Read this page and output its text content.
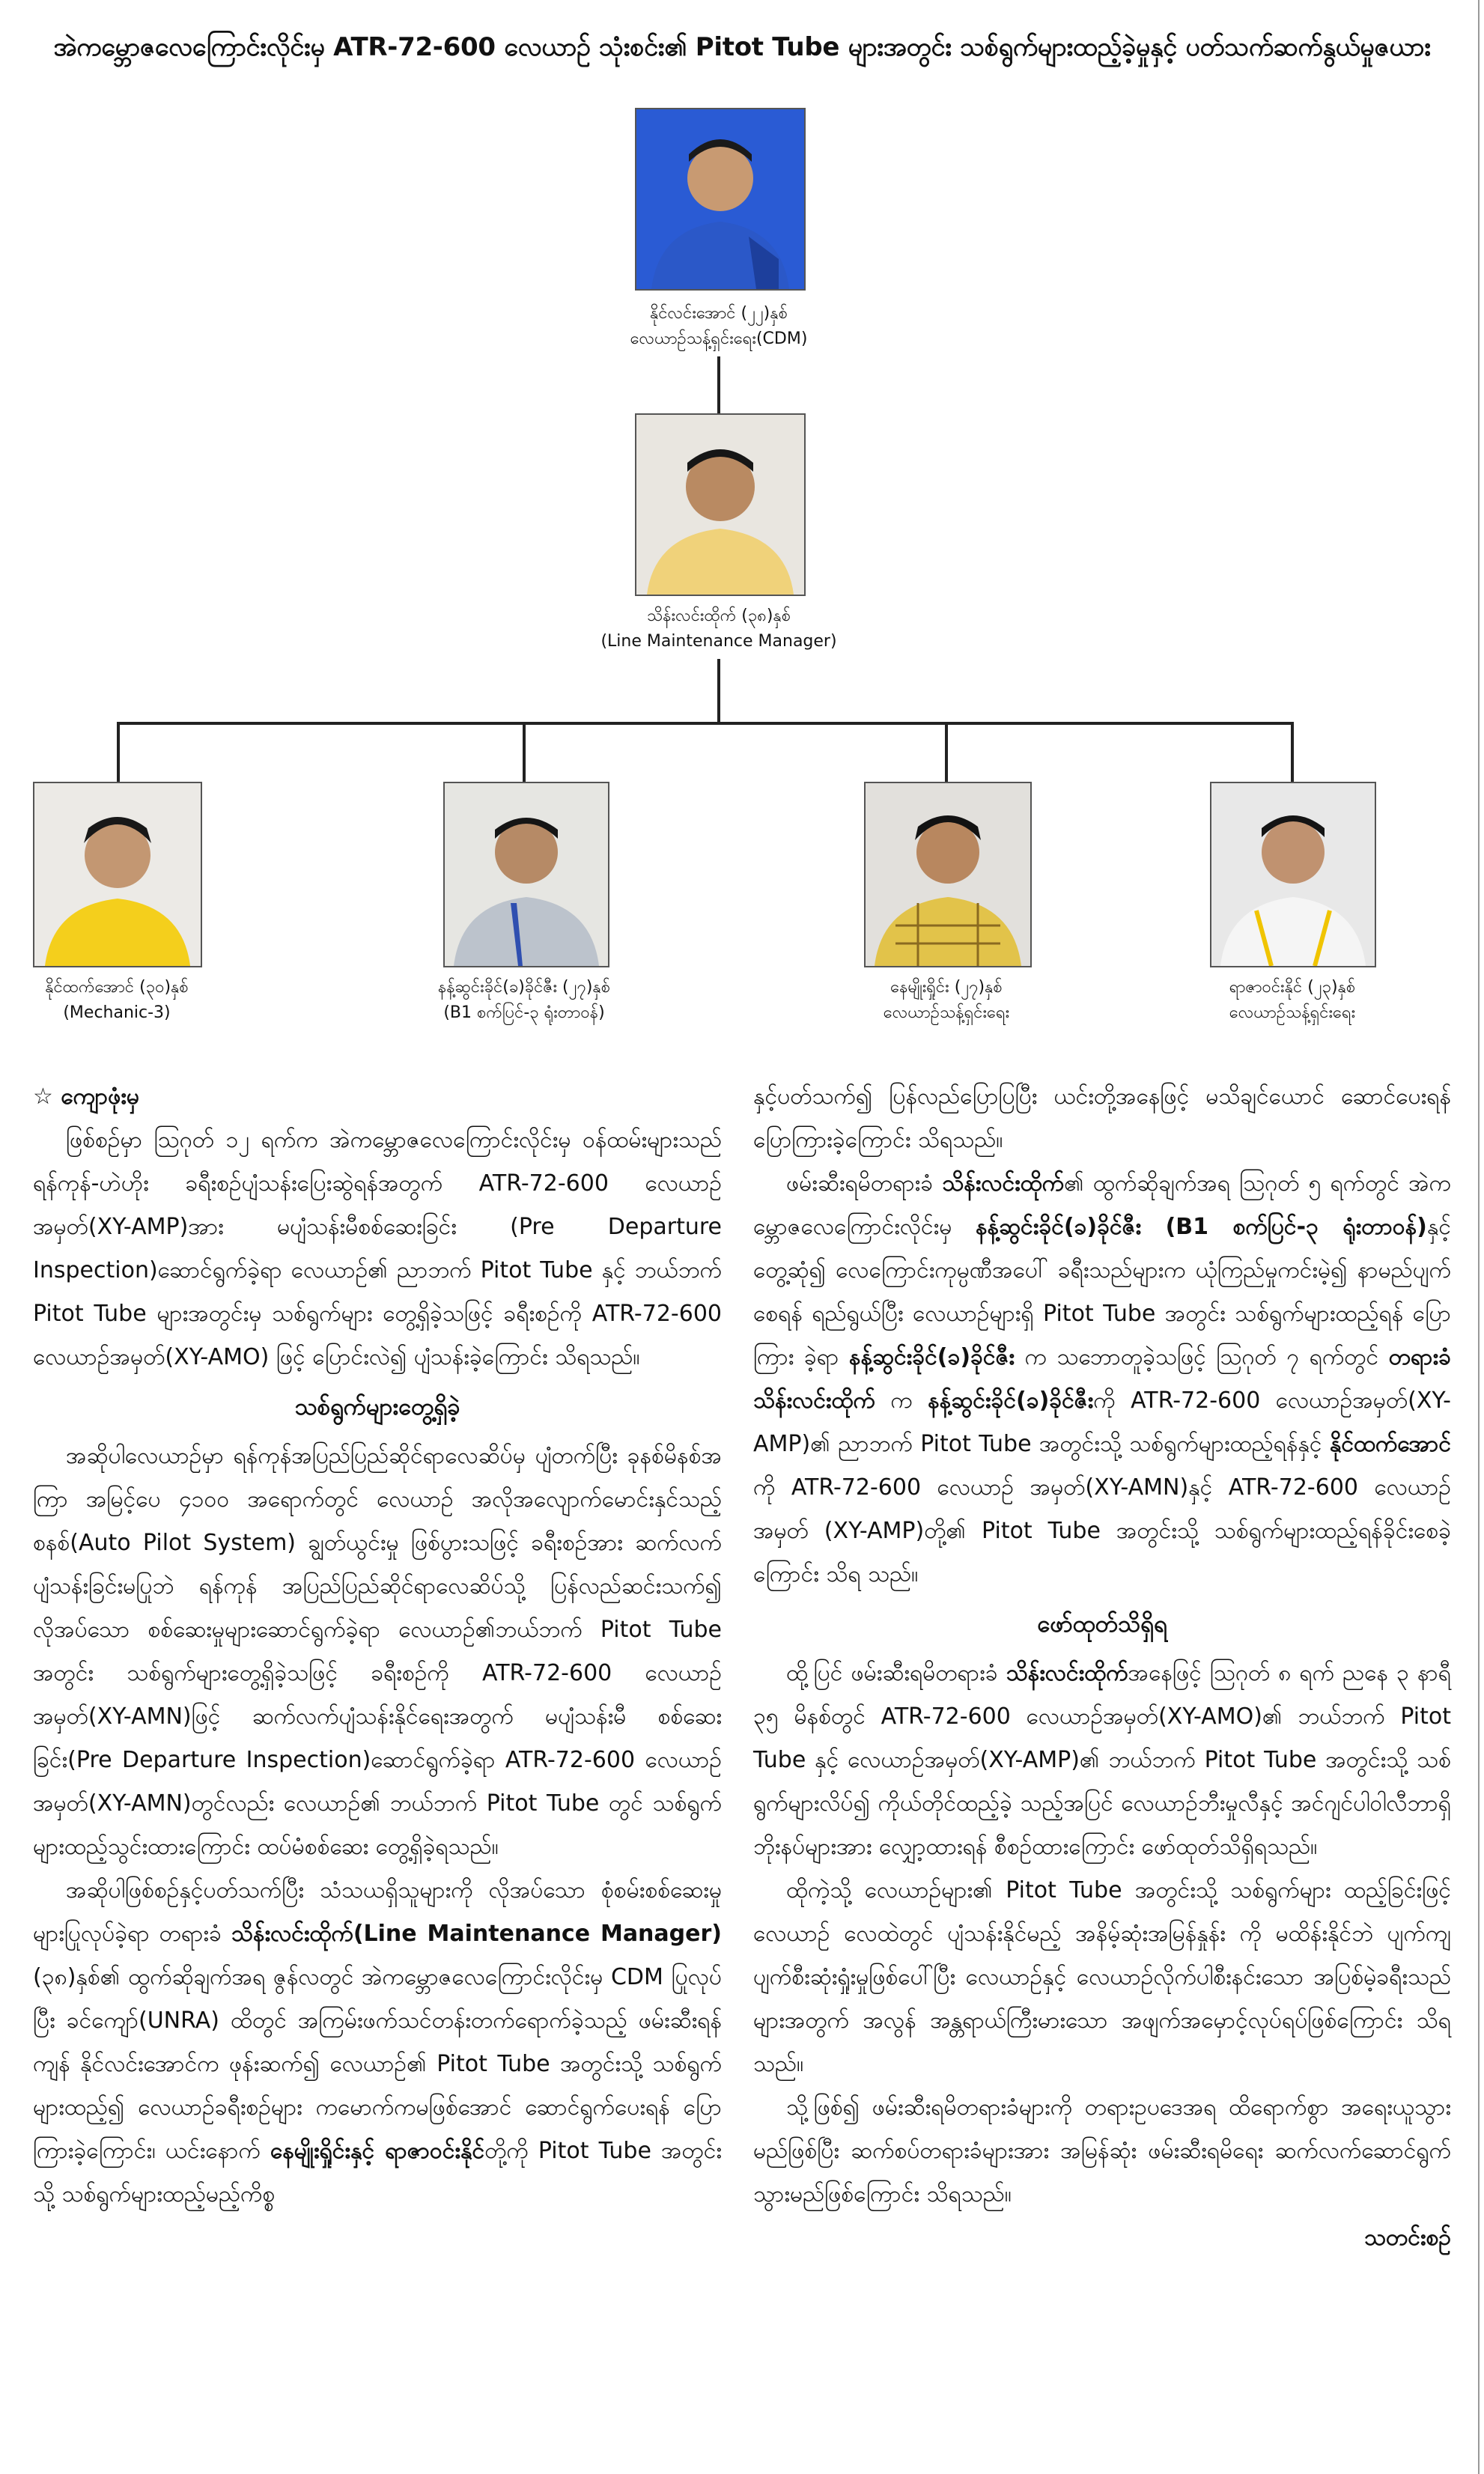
အဲကမ္ဘောဇလေကြောင်းလိုင်းမှ ATR-72-600 လေယာဉ် သုံးစင်း၏ Pitot Tube များအတွင်း သစ်ရွက်များထည့်ခဲ့မှုနှင့် ပတ်သက်ဆက်နွယ်မှုဇယား
နိုင်လင်းအောင် (၂၂)နှစ်
လေယာဉ်သန့်ရှင်းရေး(CDM)
သိန်းလင်းထိုက် (၃၈)နှစ်
(Line Maintenance Manager)
နိုင်ထက်အောင် (၃၀)နှစ်
(Mechanic-3)
နန့်ဆွင်းခိုင်(ခ)ခိုင်ဇီး (၂၇)နှစ်
(B1 စက်ပြင်-၃ ရုံးတာဝန်)
နေမျိုးရှိုင်း (၂၇)နှစ်
လေယာဉ်သန့်ရှင်းရေး
ရာဇာဝင်းနိုင် (၂၃)နှစ်
လေယာဉ်သန့်ရှင်းရေး

☆ ကျောဖုံးမှ

ဖြစ်စဉ်မှာ ဩဂုတ် ၁၂ ရက်က အဲကမ္ဘောဇလေကြောင်းလိုင်းမှ ဝန်ထမ်းများသည် ရန်ကုန်-ဟဲဟိုး ခရီးစဉ်ပျံသန်းပြေးဆွဲရန်အတွက် ATR-72-600 လေယာဉ်အမှတ်(XY-AMP)အား မပျံသန်းမီစစ်ဆေးခြင်း (Pre Departure Inspection)ဆောင်ရွက်ခဲ့ရာ လေယာဉ်၏ ညာဘက် Pitot Tube နှင့် ဘယ်ဘက် Pitot Tube များအတွင်းမှ သစ်ရွက်များ တွေ့ရှိခဲ့သဖြင့် ခရီးစဉ်ကို ATR-72-600 လေယာဉ်အမှတ်(XY-AMO) ဖြင့် ပြောင်းလဲ၍ ပျံသန်းခဲ့ကြောင်း သိရသည်။

သစ်ရွက်များတွေ့ရှိခဲ့

အဆိုပါလေယာဉ်မှာ ရန်ကုန်အပြည်ပြည်ဆိုင်ရာလေဆိပ်မှ ပျံတက်ပြီး ခုနစ်မိနစ်အကြာ အမြင့်ပေ ၄၁၀၀ အရောက်တွင် လေယာဉ် အလိုအလျောက်မောင်းနှင်သည့်စနစ်(Auto Pilot System) ချွတ်ယွင်းမှု ဖြစ်ပွားသဖြင့် ခရီးစဉ်အား ဆက်လက်ပျံသန်းခြင်းမပြုဘဲ ရန်ကုန် အပြည်ပြည်ဆိုင်ရာလေဆိပ်သို့ ပြန်လည်ဆင်းသက်၍ လိုအပ်သော စစ်ဆေးမှုများဆောင်ရွက်ခဲ့ရာ လေယာဉ်၏ဘယ်ဘက် Pitot Tube အတွင်း သစ်ရွက်များတွေ့ရှိခဲ့သဖြင့် ခရီးစဉ်ကို ATR-72-600 လေယာဉ် အမှတ်(XY-AMN)ဖြင့် ဆက်လက်ပျံသန်းနိုင်ရေးအတွက် မပျံသန်းမီ စစ်ဆေးခြင်း(Pre Departure Inspection)ဆောင်ရွက်ခဲ့ရာ ATR-72-600 လေယာဉ်အမှတ်(XY-AMN)တွင်လည်း လေယာဉ်၏ ဘယ်ဘက် Pitot Tube တွင် သစ်ရွက်များထည့်သွင်းထားကြောင်း ထပ်မံစစ်ဆေး တွေ့ရှိခဲ့ရသည်။

အဆိုပါဖြစ်စဉ်နှင့်ပတ်သက်ပြီး သံသယရှိသူများကို လိုအပ်သော စုံစမ်းစစ်ဆေးမှုများပြုလုပ်ခဲ့ရာ တရားခံ သိန်းလင်းထိုက်(Line Maintenance Manager) (၃၈)နှစ်၏ ထွက်ဆိုချက်အရ ဇွန်လတွင် အဲကမ္ဘောဇလေကြောင်းလိုင်းမှ CDM ပြုလုပ်ပြီး ခင်ကျော်(UNRA) ထိတွင် အကြမ်းဖက်သင်တန်းတက်ရောက်ခဲ့သည့် ဖမ်းဆီးရန်ကျန် နိုင်လင်းအောင်က ဖုန်းဆက်၍ လေယာဉ်၏ Pitot Tube အတွင်းသို့ သစ်ရွက်များထည့်၍ လေယာဉ်ခရီးစဉ်များ ကမောက်ကမဖြစ်အောင် ဆောင်ရွက်ပေးရန် ပြောကြားခဲ့ကြောင်း၊ ယင်းနောက် နေမျိုးရှိုင်းနှင့် ရာဇာဝင်းနိုင်တို့ကို Pitot Tube အတွင်းသို့ သစ်ရွက်များထည့်မည့်ကိစ္စ

နှင့်ပတ်သက်၍ ပြန်လည်ပြောပြပြီး ယင်းတို့အနေဖြင့် မသိချင်ယောင် ဆောင်ပေးရန် ပြောကြားခဲ့ကြောင်း သိရသည်။

ဖမ်းဆီးရမိတရားခံ သိန်းလင်းထိုက်၏ ထွက်ဆိုချက်အရ ဩဂုတ် ၅ ရက်တွင် အဲကမ္ဘောဇလေကြောင်းလိုင်းမှ နန့်ဆွင်းခိုင်(ခ)ခိုင်ဇီး (B1 စက်ပြင်-၃ ရုံးတာဝန်)နှင့် တွေ့ဆုံ၍ လေကြောင်းကုမ္ပဏီအပေါ် ခရီးသည်များက ယုံကြည်မှုကင်းမဲ့၍ နာမည်ပျက်စေရန် ရည်ရွယ်ပြီး လေယာဉ်များရှိ Pitot Tube အတွင်း သစ်ရွက်များထည့်ရန် ပြောကြား ခဲ့ရာ နန့်ဆွင်းခိုင်(ခ)ခိုင်ဇီး က သဘောတူခဲ့သဖြင့် ဩဂုတ် ၇ ရက်တွင် တရားခံ သိန်းလင်းထိုက် က နန့်ဆွင်းခိုင်(ခ)ခိုင်ဇီးကို ATR-72-600 လေယာဉ်အမှတ်(XY-AMP)၏ ညာဘက် Pitot Tube အတွင်းသို့ သစ်ရွက်များထည့်ရန်နှင့် နိုင်ထက်အောင် ကို ATR-72-600 လေယာဉ် အမှတ်(XY-AMN)နှင့် ATR-72-600 လေယာဉ်အမှတ် (XY-AMP)တို့၏ Pitot Tube အတွင်းသို့ သစ်ရွက်များထည့်ရန်ခိုင်းစေခဲ့ကြောင်း သိရ သည်။

ဖော်ထုတ်သိရှိရ

ထို့ပြင် ဖမ်းဆီးရမိတရားခံ သိန်းလင်းထိုက်အနေဖြင့် ဩဂုတ် ၈ ရက် ညနေ ၃ နာရီ ၃၅ မိနစ်တွင် ATR-72-600 လေယာဉ်အမှတ်(XY-AMO)၏ ဘယ်ဘက် Pitot Tube နှင့် လေယာဉ်အမှတ်(XY-AMP)၏ ဘယ်ဘက် Pitot Tube အတွင်းသို့ သစ်ရွက်များလိပ်၍ ကိုယ်တိုင်ထည့်ခဲ့ သည့်အပြင် လေယာဉ်ဘီးမှုလီနှင့် အင်ဂျင်ပါဝါလီဘာရှိ ဘိုးနပ်များအား လျှော့ထားရန် စီစဉ်ထားကြောင်း ဖော်ထုတ်သိရှိရသည်။

ထိုကဲ့သို့ လေယာဉ်များ၏ Pitot Tube အတွင်းသို့ သစ်ရွက်များ ထည့်ခြင်းဖြင့် လေယာဉ် လေထဲတွင် ပျံသန်းနိုင်မည့် အနိမ့်ဆုံးအမြန်နှုန်း ကို မထိန်းနိုင်ဘဲ ပျက်ကျပျက်စီးဆုံးရှုံးမှုဖြစ်ပေါ်ပြီး လေယာဉ်နှင့် လေယာဉ်လိုက်ပါစီးနင်းသော အပြစ်မဲ့ခရီးသည်များအတွက် အလွန် အန္တရာယ်ကြီးမားသော အဖျက်အမှောင့်လုပ်ရပ်ဖြစ်ကြောင်း သိရသည်။

သို့ဖြစ်၍ ဖမ်းဆီးရမိတရားခံများကို တရားဥပဒေအရ ထိရောက်စွာ အရေးယူသွားမည်ဖြစ်ပြီး ဆက်စပ်တရားခံများအား အမြန်ဆုံး ဖမ်းဆီးရမိရေး ဆက်လက်ဆောင်ရွက်သွားမည်ဖြစ်ကြောင်း သိရသည်။

သတင်းစဉ်
